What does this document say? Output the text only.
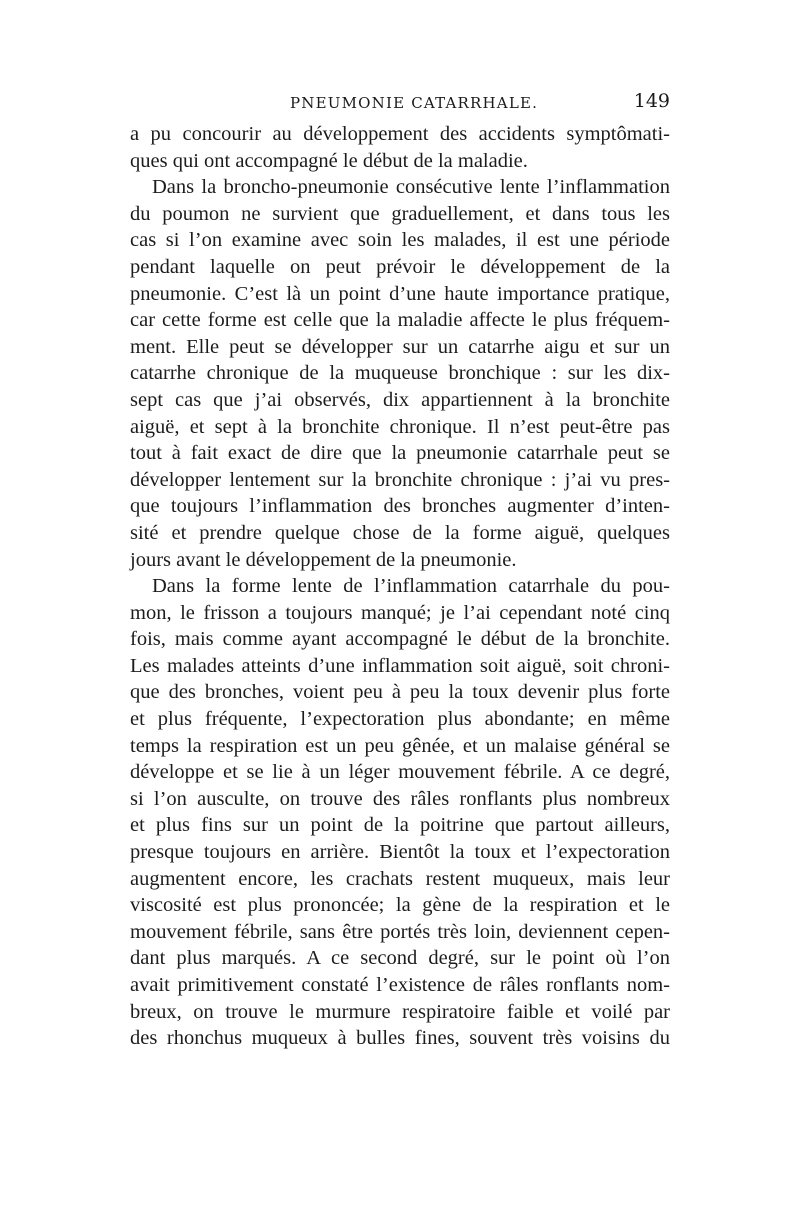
PNEUMONIE CATARRHALE.	149
a pu concourir au développement des accidents symptômati-
ques qui ont accompagné le début de la maladie.
Dans la broncho-pneumonie consécutive lente l’inflammation
du poumon ne survient que graduellement, et dans tous les
cas si l’on examine avec soin les malades, il est une période
pendant laquelle on peut prévoir le développement de la
pneumonie. C’est là un point d’une haute importance pratique,
car cette forme est celle que la maladie affecte le plus fréquem-
ment. Elle peut se développer sur un catarrhe aigu et sur un
catarrhe chronique de la muqueuse bronchique : sur les dix-
sept cas que j’ai observés, dix appartiennent à la bronchite
aiguë, et sept à la bronchite chronique. Il n’est peut-être pas
tout à fait exact de dire que la pneumonie catarrhale peut se
développer lentement sur la bronchite chronique : j’ai vu pres-
que toujours l’inflammation des bronches augmenter d’inten-
sité et prendre quelque chose de la forme aiguë, quelques
jours avant le développement de la pneumonie.
Dans la forme lente de l’inflammation catarrhale du pou-
mon, le frisson a toujours manqué; je l’ai cependant noté cinq
fois, mais comme ayant accompagné le début de la bronchite.
Les malades atteints d’une inflammation soit aiguë, soit chroni-
que des bronches, voient peu à peu la toux devenir plus forte
et plus fréquente, l’expectoration plus abondante; en même
temps la respiration est un peu gênée, et un malaise général se
développe et se lie à un léger mouvement fébrile. A ce degré,
si l’on ausculte, on trouve des râles ronflants plus nombreux
et plus fins sur un point de la poitrine que partout ailleurs,
presque toujours en arrière. Bientôt la toux et l’expectoration
augmentent encore, les crachats restent muqueux, mais leur
viscosité est plus prononcée; la gène de la respiration et le
mouvement fébrile, sans être portés très loin, deviennent cepen-
dant plus marqués. A ce second degré, sur le point où l’on
avait primitivement constaté l’existence de râles ronflants nom-
breux, on trouve le murmure respiratoire faible et voilé par
des rhonchus muqueux à bulles fines, souvent très voisins du
